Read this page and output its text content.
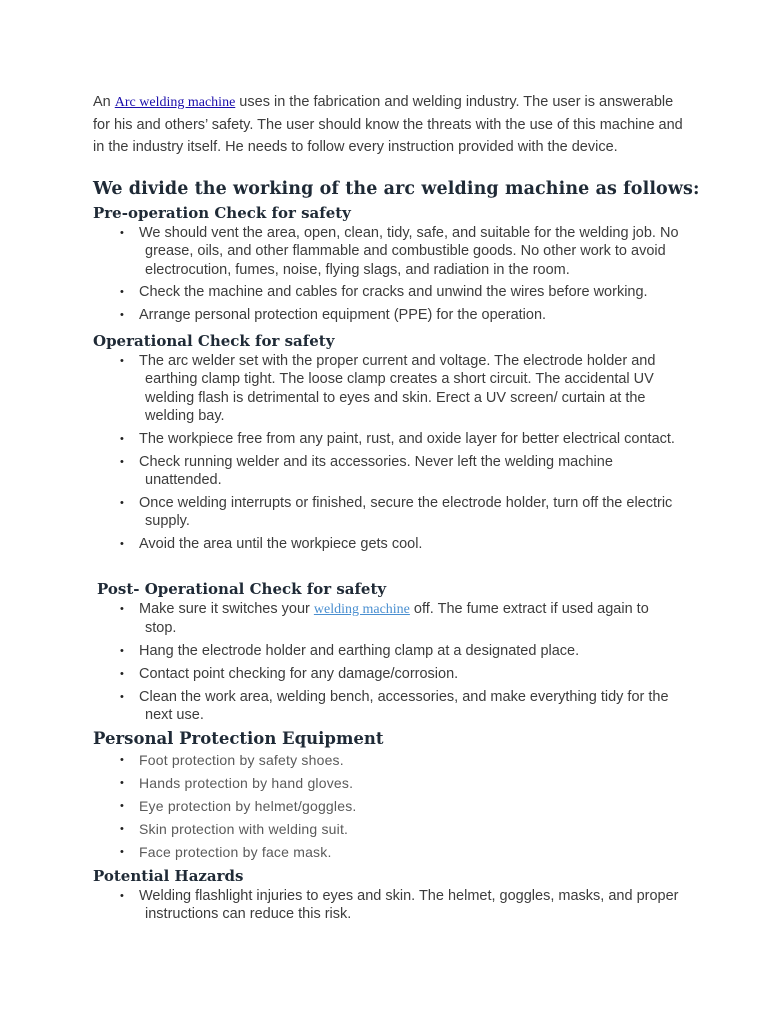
An Arc welding machine uses in the fabrication and welding industry. The user is answerable for his and others’ safety. The user should know the threats with the use of this machine and in the industry itself. He needs to follow every instruction provided with the device.

We divide the working of the arc welding machine as follows:
Pre-operation Check for safety
• We should vent the area, open, clean, tidy, safe, and suitable for the welding job. No grease, oils, and other flammable and combustible goods. No other work to avoid electrocution, fumes, noise, flying slags, and radiation in the room.
• Check the machine and cables for cracks and unwind the wires before working.
• Arrange personal protection equipment (PPE) for the operation.
Operational Check for safety
• The arc welder set with the proper current and voltage. The electrode holder and earthing clamp tight. The loose clamp creates a short circuit. The accidental UV welding flash is detrimental to eyes and skin. Erect a UV screen/ curtain at the welding bay.
• The workpiece free from any paint, rust, and oxide layer for better electrical contact.
• Check running welder and its accessories. Never left the welding machine unattended.
• Once welding interrupts or finished, secure the electrode holder, turn off the electric supply.
• Avoid the area until the workpiece gets cool.
Post- Operational Check for safety
• Make sure it switches your welding machine off. The fume extract if used again to stop.
• Hang the electrode holder and earthing clamp at a designated place.
• Contact point checking for any damage/corrosion.
• Clean the work area, welding bench, accessories, and make everything tidy for the next use.
Personal Protection Equipment
• Foot protection by safety shoes.
• Hands protection by hand gloves.
• Eye protection by helmet/goggles.
• Skin protection with welding suit.
• Face protection by face mask.
Potential Hazards
• Welding flashlight injuries to eyes and skin. The helmet, goggles, masks, and proper instructions can reduce this risk.
